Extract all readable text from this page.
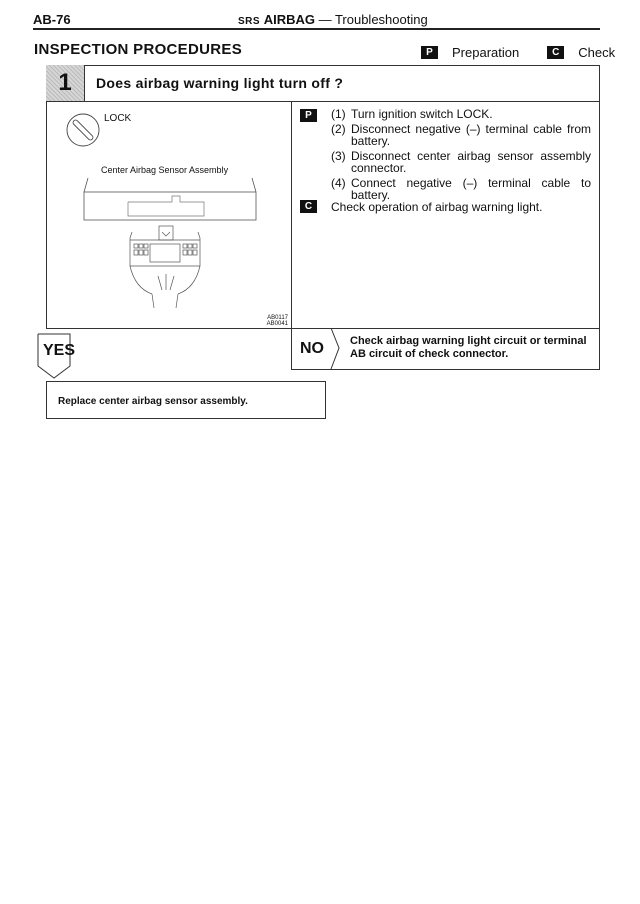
AB-76	SRS AIRBAG — Troubleshooting
INSPECTION PROCEDURES	P	Preparation	C	Check
1	Does airbag warning light turn off ?
LOCK
Center Airbag Sensor Assembly
AB0117
AB0041
P	(1) Turn ignition switch LOCK.
(2) Disconnect negative (–) terminal cable from battery.
(3) Disconnect center airbag sensor assembly connector.
(4) Connect negative (–) terminal cable to battery.
C	Check operation of airbag warning light.
NO Check airbag warning light circuit or terminal AB circuit of check connector.
YES
Replace center airbag sensor assembly.
